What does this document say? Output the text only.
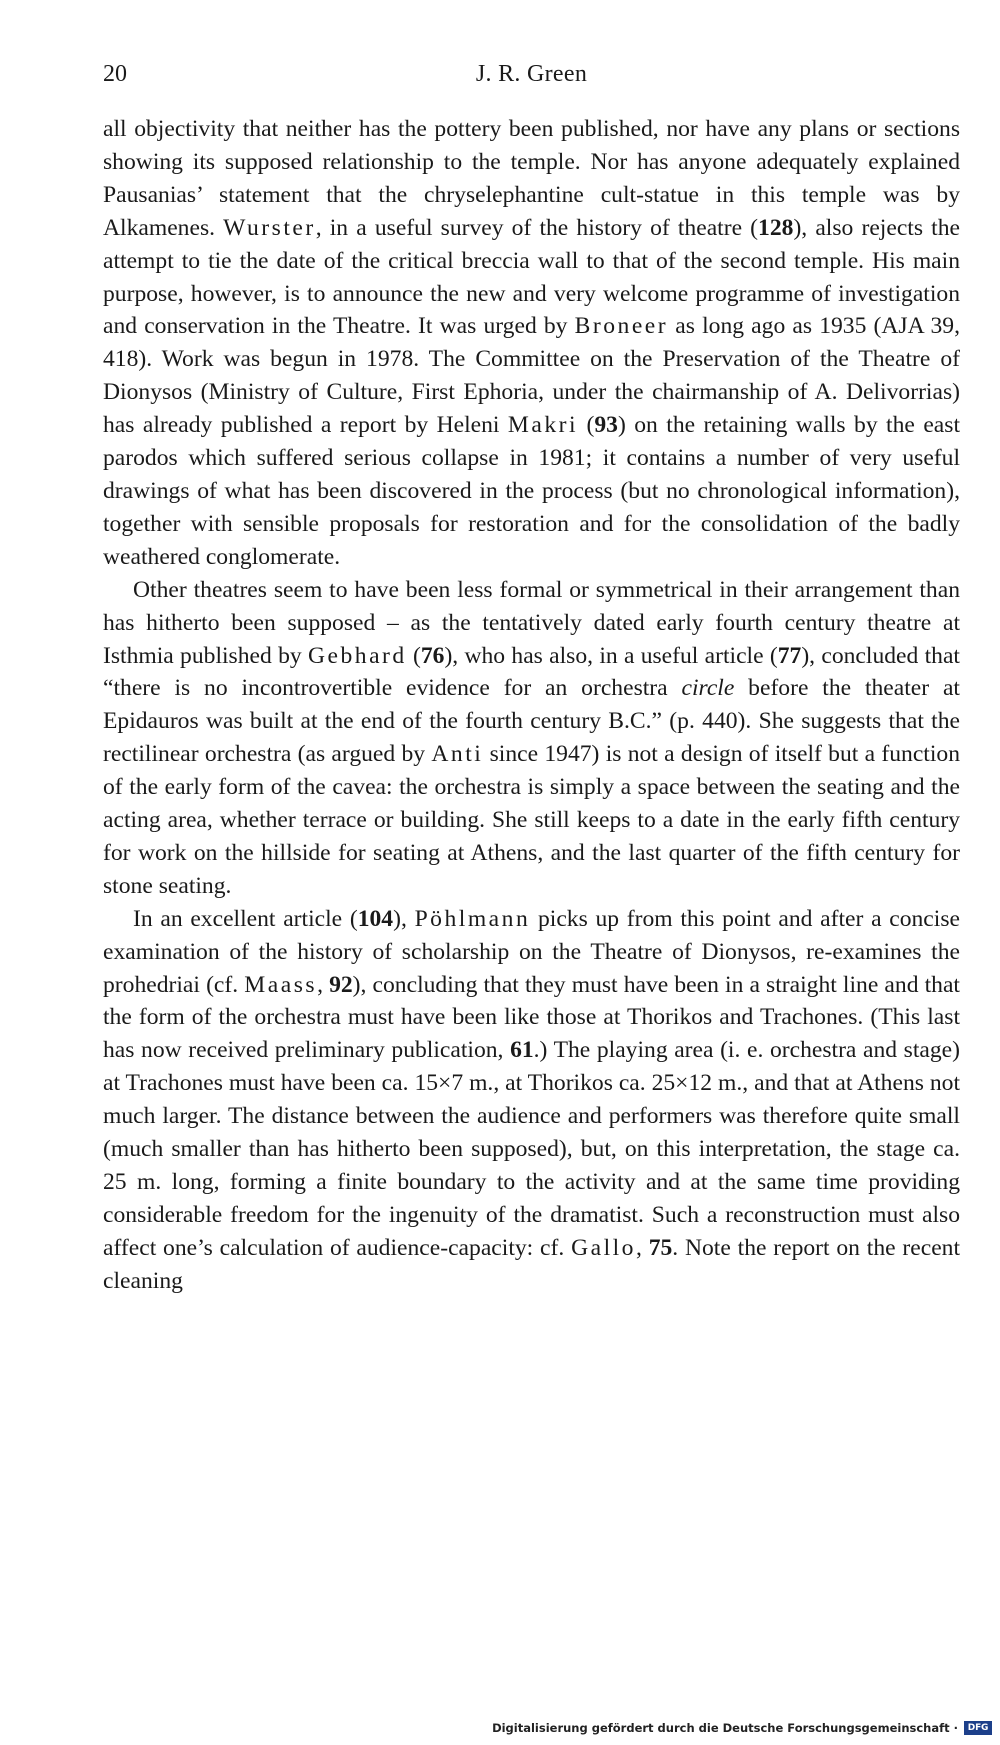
20	J. R. Green

all objectivity that neither has the pottery been published, nor have any plans or sections showing its supposed relationship to the temple. Nor has anyone adequately explained Pausanias’ statement that the chryselephantine cult-statue in this temple was by Alkamenes. Wurster, in a useful survey of the history of theatre (128), also rejects the attempt to tie the date of the critical breccia wall to that of the second temple. His main purpose, however, is to announce the new and very welcome programme of investigation and conservation in the Theatre. It was urged by Broneer as long ago as 1935 (AJA 39, 418). Work was begun in 1978. The Committee on the Preservation of the Theatre of Dionysos (Ministry of Culture, First Ephoria, under the chairmanship of A. Delivorrias) has already published a report by Heleni Makri (93) on the retaining walls by the east parodos which suffered serious collapse in 1981; it contains a number of very useful drawings of what has been discovered in the process (but no chronological information), together with sensible proposals for restoration and for the consolidation of the badly weathered conglomerate.

Other theatres seem to have been less formal or symmetrical in their arrangement than has hitherto been supposed – as the tentatively dated early fourth century theatre at Isthmia published by Gebhard (76), who has also, in a useful article (77), concluded that “there is no incontrovertible evidence for an orchestra circle before the theater at Epidauros was built at the end of the fourth century B.C.” (p. 440). She suggests that the rectilinear orchestra (as argued by Anti since 1947) is not a design of itself but a function of the early form of the cavea: the orchestra is simply a space between the seating and the acting area, whether terrace or building. She still keeps to a date in the early fifth century for work on the hillside for seating at Athens, and the last quarter of the fifth century for stone seating.

In an excellent article (104), Pöhlmann picks up from this point and after a concise examination of the history of scholarship on the Theatre of Dionysos, re-examines the prohedriai (cf. Maass, 92), concluding that they must have been in a straight line and that the form of the orchestra must have been like those at Thorikos and Trachones. (This last has now received preliminary publication, 61.) The playing area (i. e. orchestra and stage) at Trachones must have been ca. 15×7 m., at Thorikos ca. 25×12 m., and that at Athens not much larger. The distance between the audience and performers was therefore quite small (much smaller than has hitherto been supposed), but, on this interpretation, the stage ca. 25 m. long, forming a finite boundary to the activity and at the same time providing considerable freedom for the ingenuity of the dramatist. Such a reconstruction must also affect one’s calculation of audience-capacity: cf. Gallo, 75. Note the report on the recent cleaning

Digitalisierung gefördert durch die Deutsche Forschungsgemeinschaft ·	DFG
